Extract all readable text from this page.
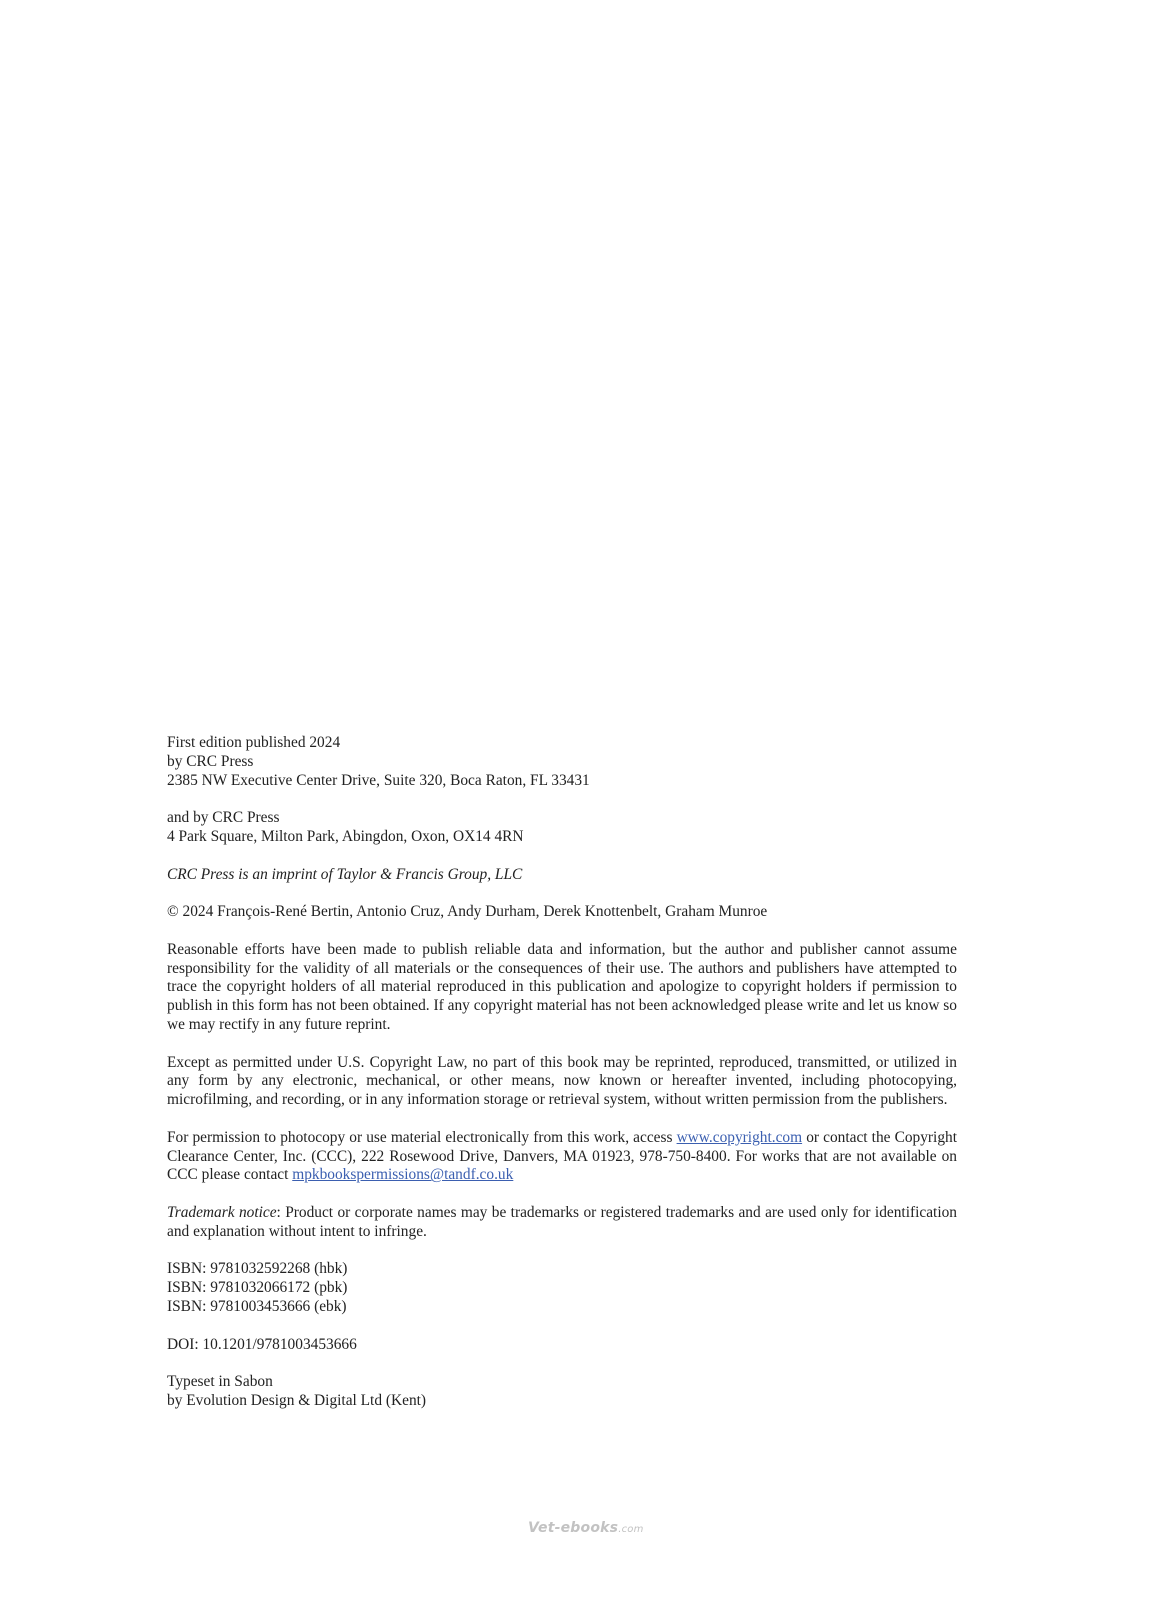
First edition published 2024
by CRC Press
2385 NW Executive Center Drive, Suite 320, Boca Raton, FL 33431

and by CRC Press
4 Park Square, Milton Park, Abingdon, Oxon, OX14 4RN

CRC Press is an imprint of Taylor & Francis Group, LLC

© 2024 François-René Bertin, Antonio Cruz, Andy Durham, Derek Knottenbelt, Graham Munroe

Reasonable efforts have been made to publish reliable data and information, but the author and publisher cannot assume responsibility for the validity of all materials or the consequences of their use. The authors and publishers have attempted to trace the copyright holders of all material reproduced in this publication and apologize to copyright holders if permission to publish in this form has not been obtained. If any copyright material has not been acknowledged please write and let us know so we may rectify in any future reprint.

Except as permitted under U.S. Copyright Law, no part of this book may be reprinted, reproduced, transmitted, or utilized in any form by any electronic, mechanical, or other means, now known or hereafter invented, including photocopying, microfilming, and recording, or in any information storage or retrieval system, without written permission from the publishers.

For permission to photocopy or use material electronically from this work, access www.copyright.com or contact the Copyright Clearance Center, Inc. (CCC), 222 Rosewood Drive, Danvers, MA 01923, 978-750-8400. For works that are not available on CCC please contact mpkbookspermissions@tandf.co.uk

Trademark notice: Product or corporate names may be trademarks or registered trademarks and are used only for identification and explanation without intent to infringe.

ISBN: 9781032592268 (hbk)
ISBN: 9781032066172 (pbk)
ISBN: 9781003453666 (ebk)

DOI: 10.1201/9781003453666

Typeset in Sabon
by Evolution Design & Digital Ltd (Kent)

Vet-ebooks.com
